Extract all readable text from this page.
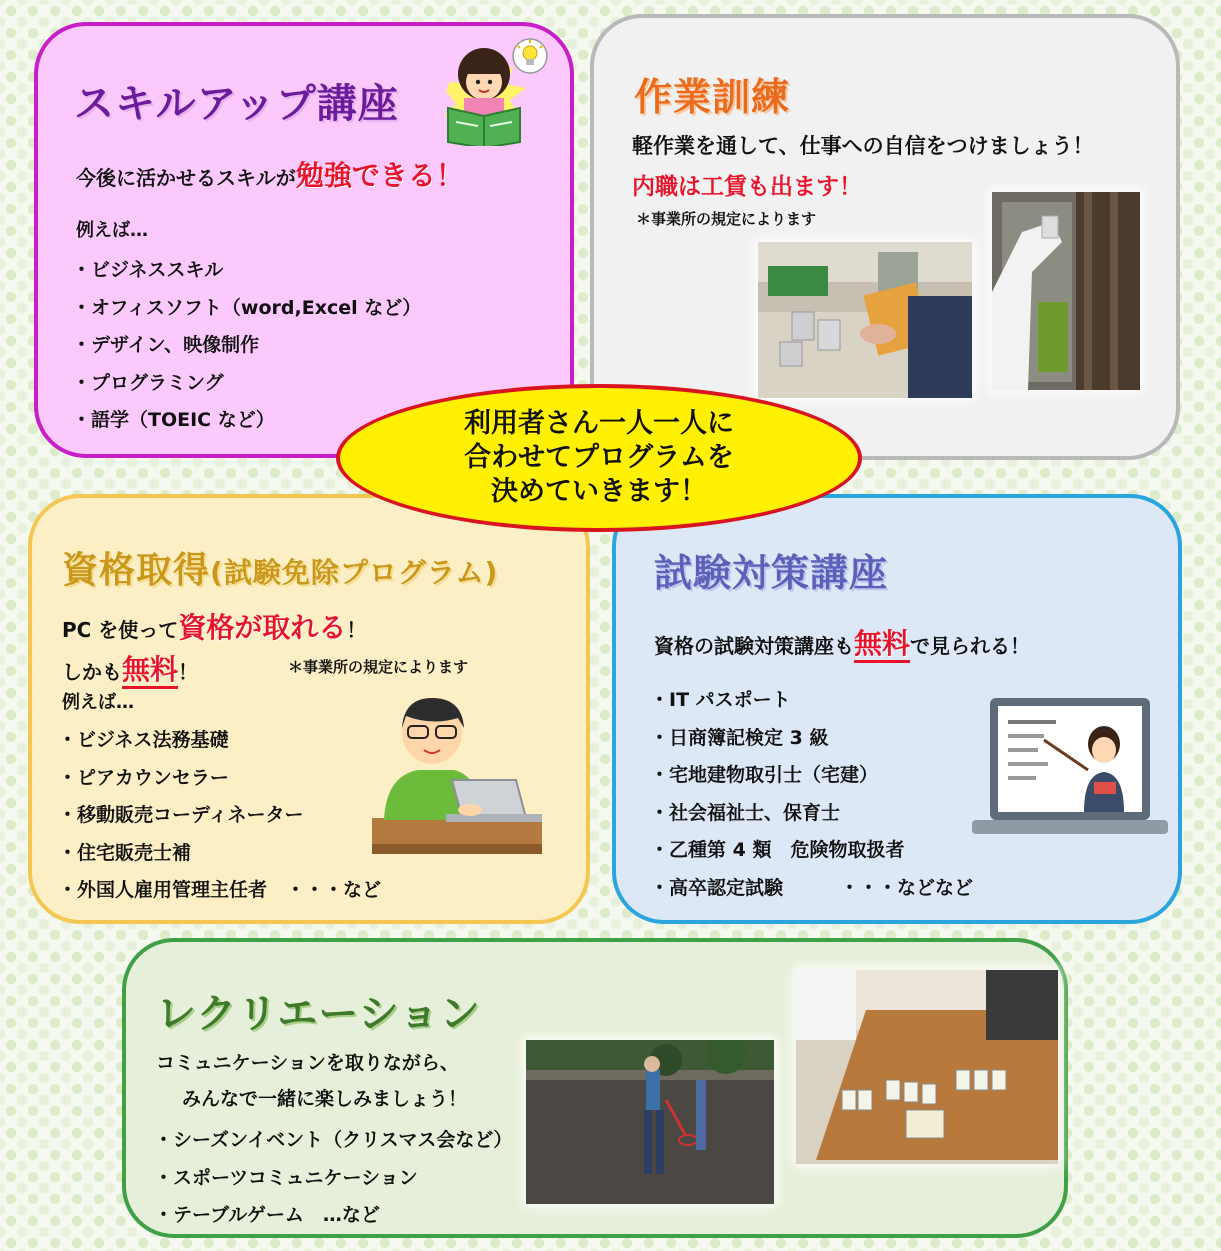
スキルアップ講座
今後に活かせるスキルが勉強できる！
例えば…
・ ビジネススキル
・ オフィスソフト（word,Excel など）
・ デザイン、映像制作
・ プログラミング
・ 語学（TOEIC など）
作業訓練
軽作業を通して、仕事への自信をつけましょう！
内職は工賃も出ます！
＊事業所の規定によります
資格取得(試験免除プログラム)
PC を使って資格が取れる！
しかも無料！	＊事業所の規定によります
例えば…
・ ビジネス法務基礎
・ ピアカウンセラー
・ 移動販売コーディネーター
・ 住宅販売士補
・ 外国人雇用管理主任者　・・・など
試験対策講座
資格の試験対策講座も無料で見られる！
・ IT パスポート
・ 日商簿記検定 3 級
・ 宅地建物取引士（宅建）
・ 社会福祉士、保育士
・ 乙種第 4 類　危険物取扱者
・ 高卒認定試験　　　・・・などなど
利用者さん一人一人に
合わせてプログラムを
決めていきます！
レクリエーション
コミュニケーションを取りながら、
みんなで一緒に楽しみましょう！
・ シーズンイベント（クリスマス会など）
・ スポーツコミュニケーション
・ テーブルゲーム　…など
